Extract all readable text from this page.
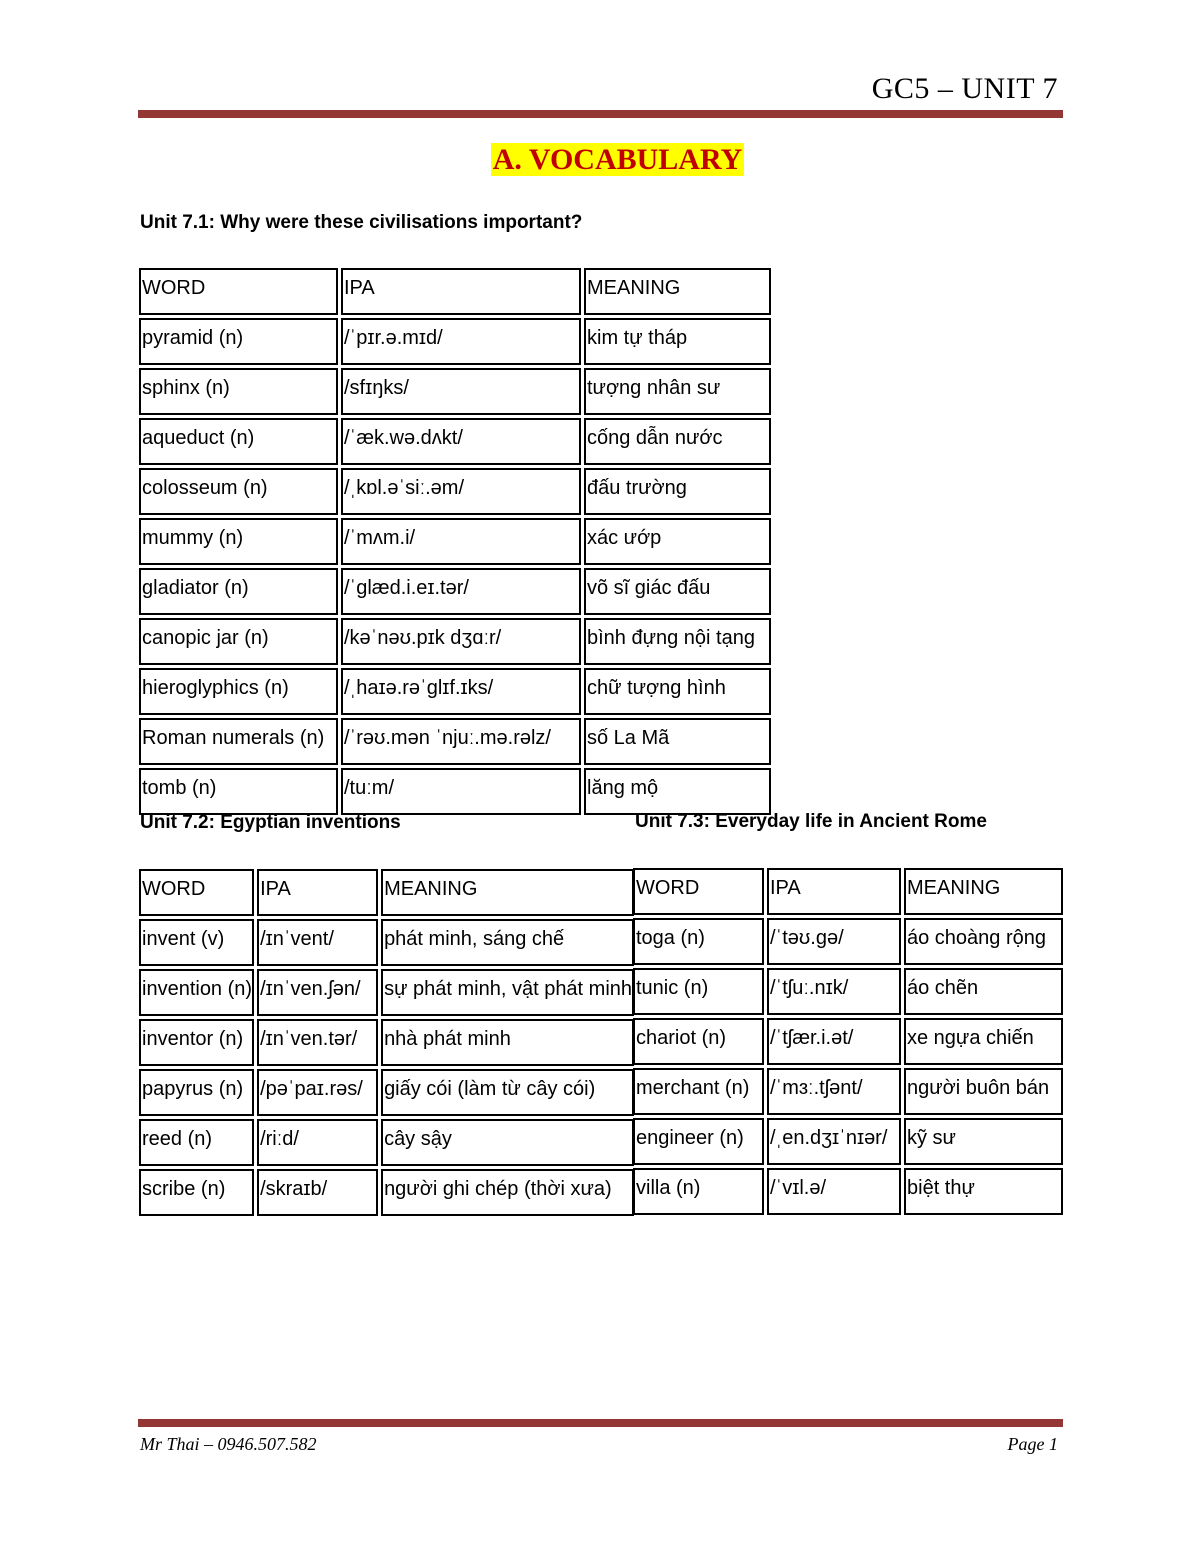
GC5 – UNIT 7
A. VOCABULARY
Unit 7.1: Why were these civilisations important?
WORD	IPA	MEANING
pyramid (n)	/ˈpɪr.ə.mɪd/	kim tự tháp
sphinx (n)	/sfɪŋks/	tượng nhân sư
aqueduct (n)	/ˈæk.wə.dʌkt/	cống dẫn nước
colosseum (n)	/ˌkɒl.əˈsiː.əm/	đấu trường
mummy (n)	/ˈmʌm.i/	xác ướp
gladiator (n)	/ˈglæd.i.eɪ.tər/	võ sĩ giác đấu
canopic jar (n)	/kəˈnəʊ.pɪk dʒɑːr/	bình đựng nội tạng
hieroglyphics (n)	/ˌhaɪə.rəˈglɪf.ɪks/	chữ tượng hình
Roman numerals (n)	/ˈrəʊ.mən ˈnjuː.mə.rəlz/	số La Mã
tomb (n)	/tuːm/	lăng mộ
Unit 7.2: Egyptian inventions
WORD	IPA	MEANING
invent (v)	/ɪnˈvent/	phát minh, sáng chế
invention (n)	/ɪnˈven.ʃən/	sự phát minh, vật phát minh
inventor (n)	/ɪnˈven.tər/	nhà phát minh
papyrus (n)	/pəˈpaɪ.rəs/	giấy cói (làm từ cây cói)
reed (n)	/riːd/	cây sậy
scribe (n)	/skraɪb/	người ghi chép (thời xưa)
Unit 7.3: Everyday life in Ancient Rome
WORD	IPA	MEANING
toga (n)	/ˈtəʊ.gə/	áo choàng rộng
tunic (n)	/ˈtʃuː.nɪk/	áo chẽn
chariot (n)	/ˈtʃær.i.ət/	xe ngựa chiến
merchant (n)	/ˈmɜː.tʃənt/	người buôn bán
engineer (n)	/ˌen.dʒɪˈnɪər/	kỹ sư
villa (n)	/ˈvɪl.ə/	biệt thự
Mr Thai – 0946.507.582	Page 1
